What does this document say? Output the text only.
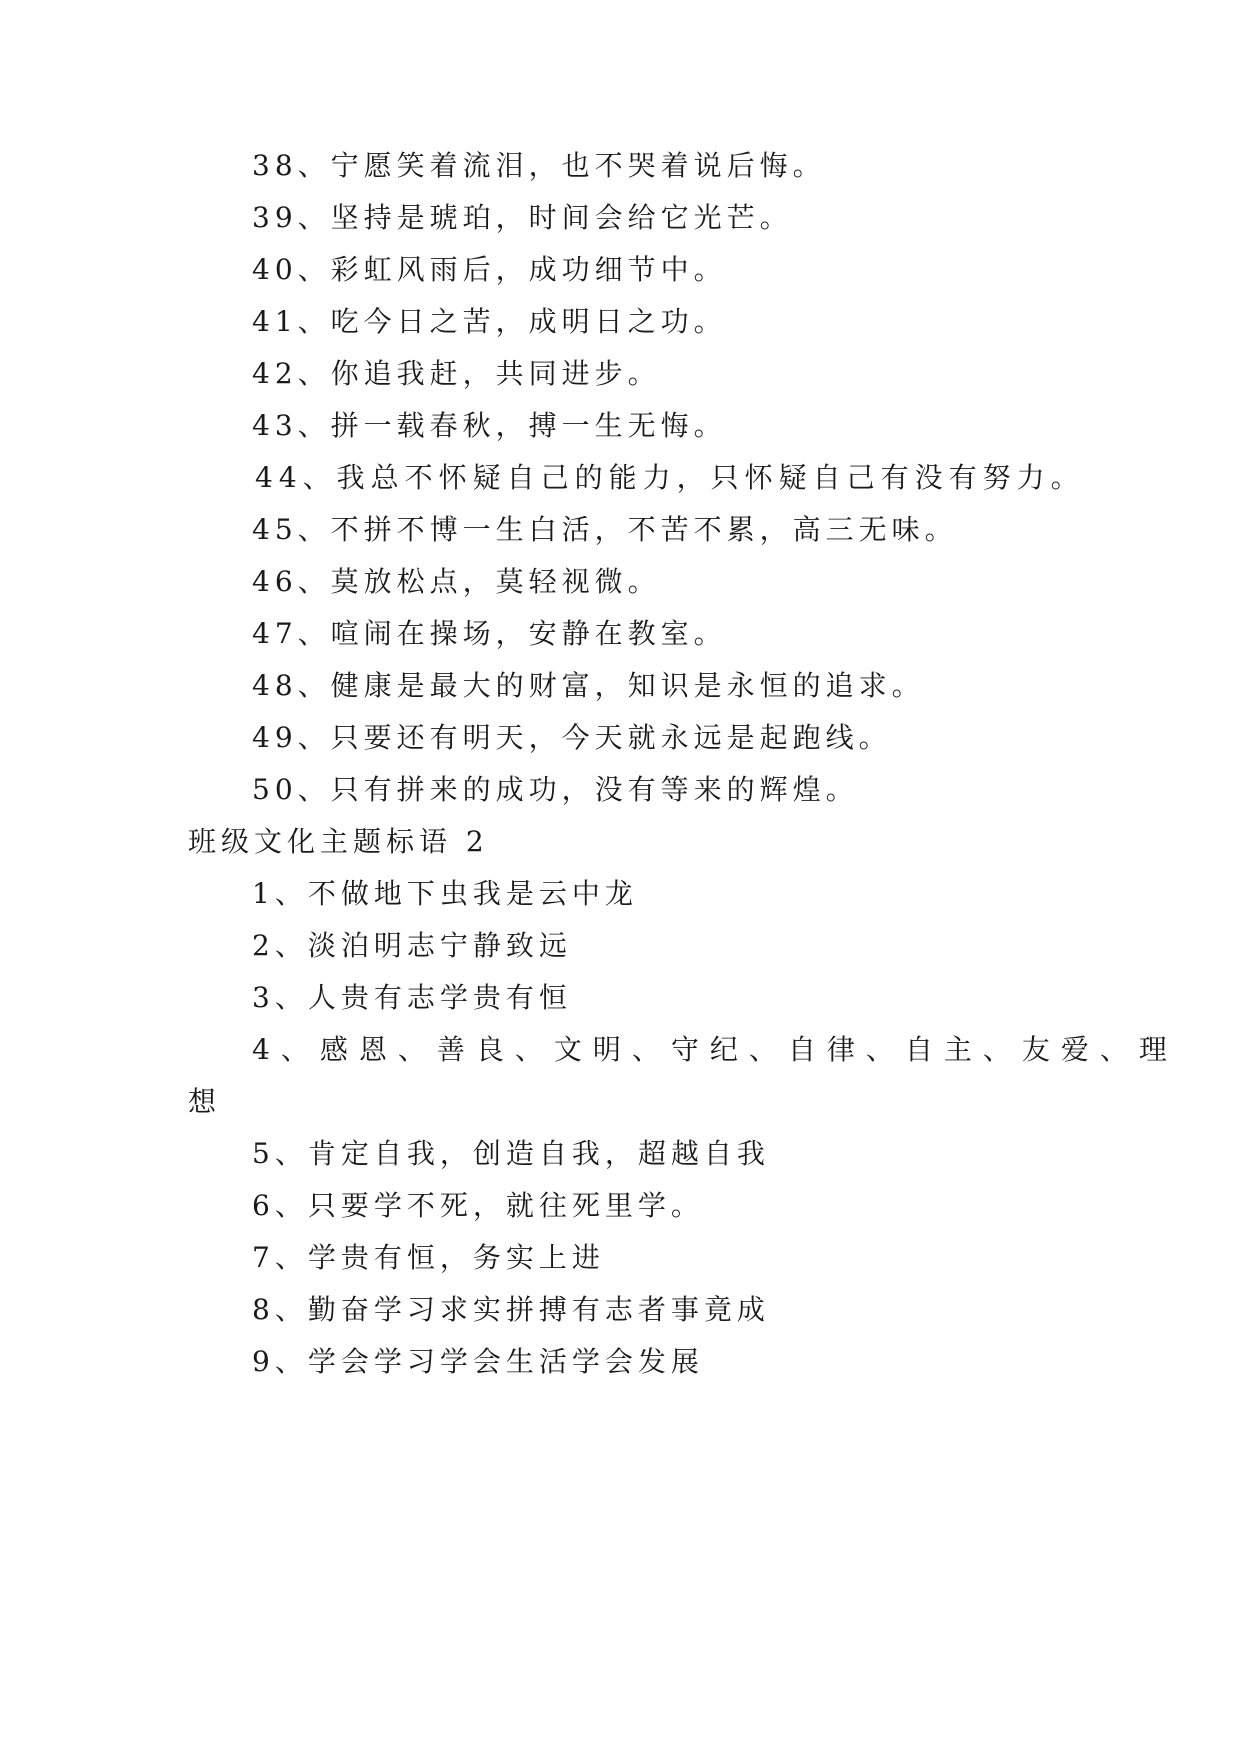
38、宁愿笑着流泪，也不哭着说后悔。
39、坚持是琥珀，时间会给它光芒。
40、彩虹风雨后，成功细节中。
41、吃今日之苦，成明日之功。
42、你追我赶，共同进步。
43、拼一载春秋，搏一生无悔。
44、我总不怀疑自己的能力，只怀疑自己有没有努力。
45、不拼不博一生白活，不苦不累，高三无味。
46、莫放松点，莫轻视微。
47、喧闹在操场，安静在教室。
48、健康是最大的财富，知识是永恒的追求。
49、只要还有明天，今天就永远是起跑线。
50、只有拼来的成功，没有等来的辉煌。
班级文化主题标语 2
1、不做地下虫我是云中龙
2、淡泊明志宁静致远
3、人贵有志学贵有恒
4、感恩、善良、文明、守纪、自律、自主、友爱、理
想
5、肯定自我，创造自我，超越自我
6、只要学不死，就往死里学。
7、学贵有恒，务实上进
8、勤奋学习求实拼搏有志者事竟成
9、学会学习学会生活学会发展
